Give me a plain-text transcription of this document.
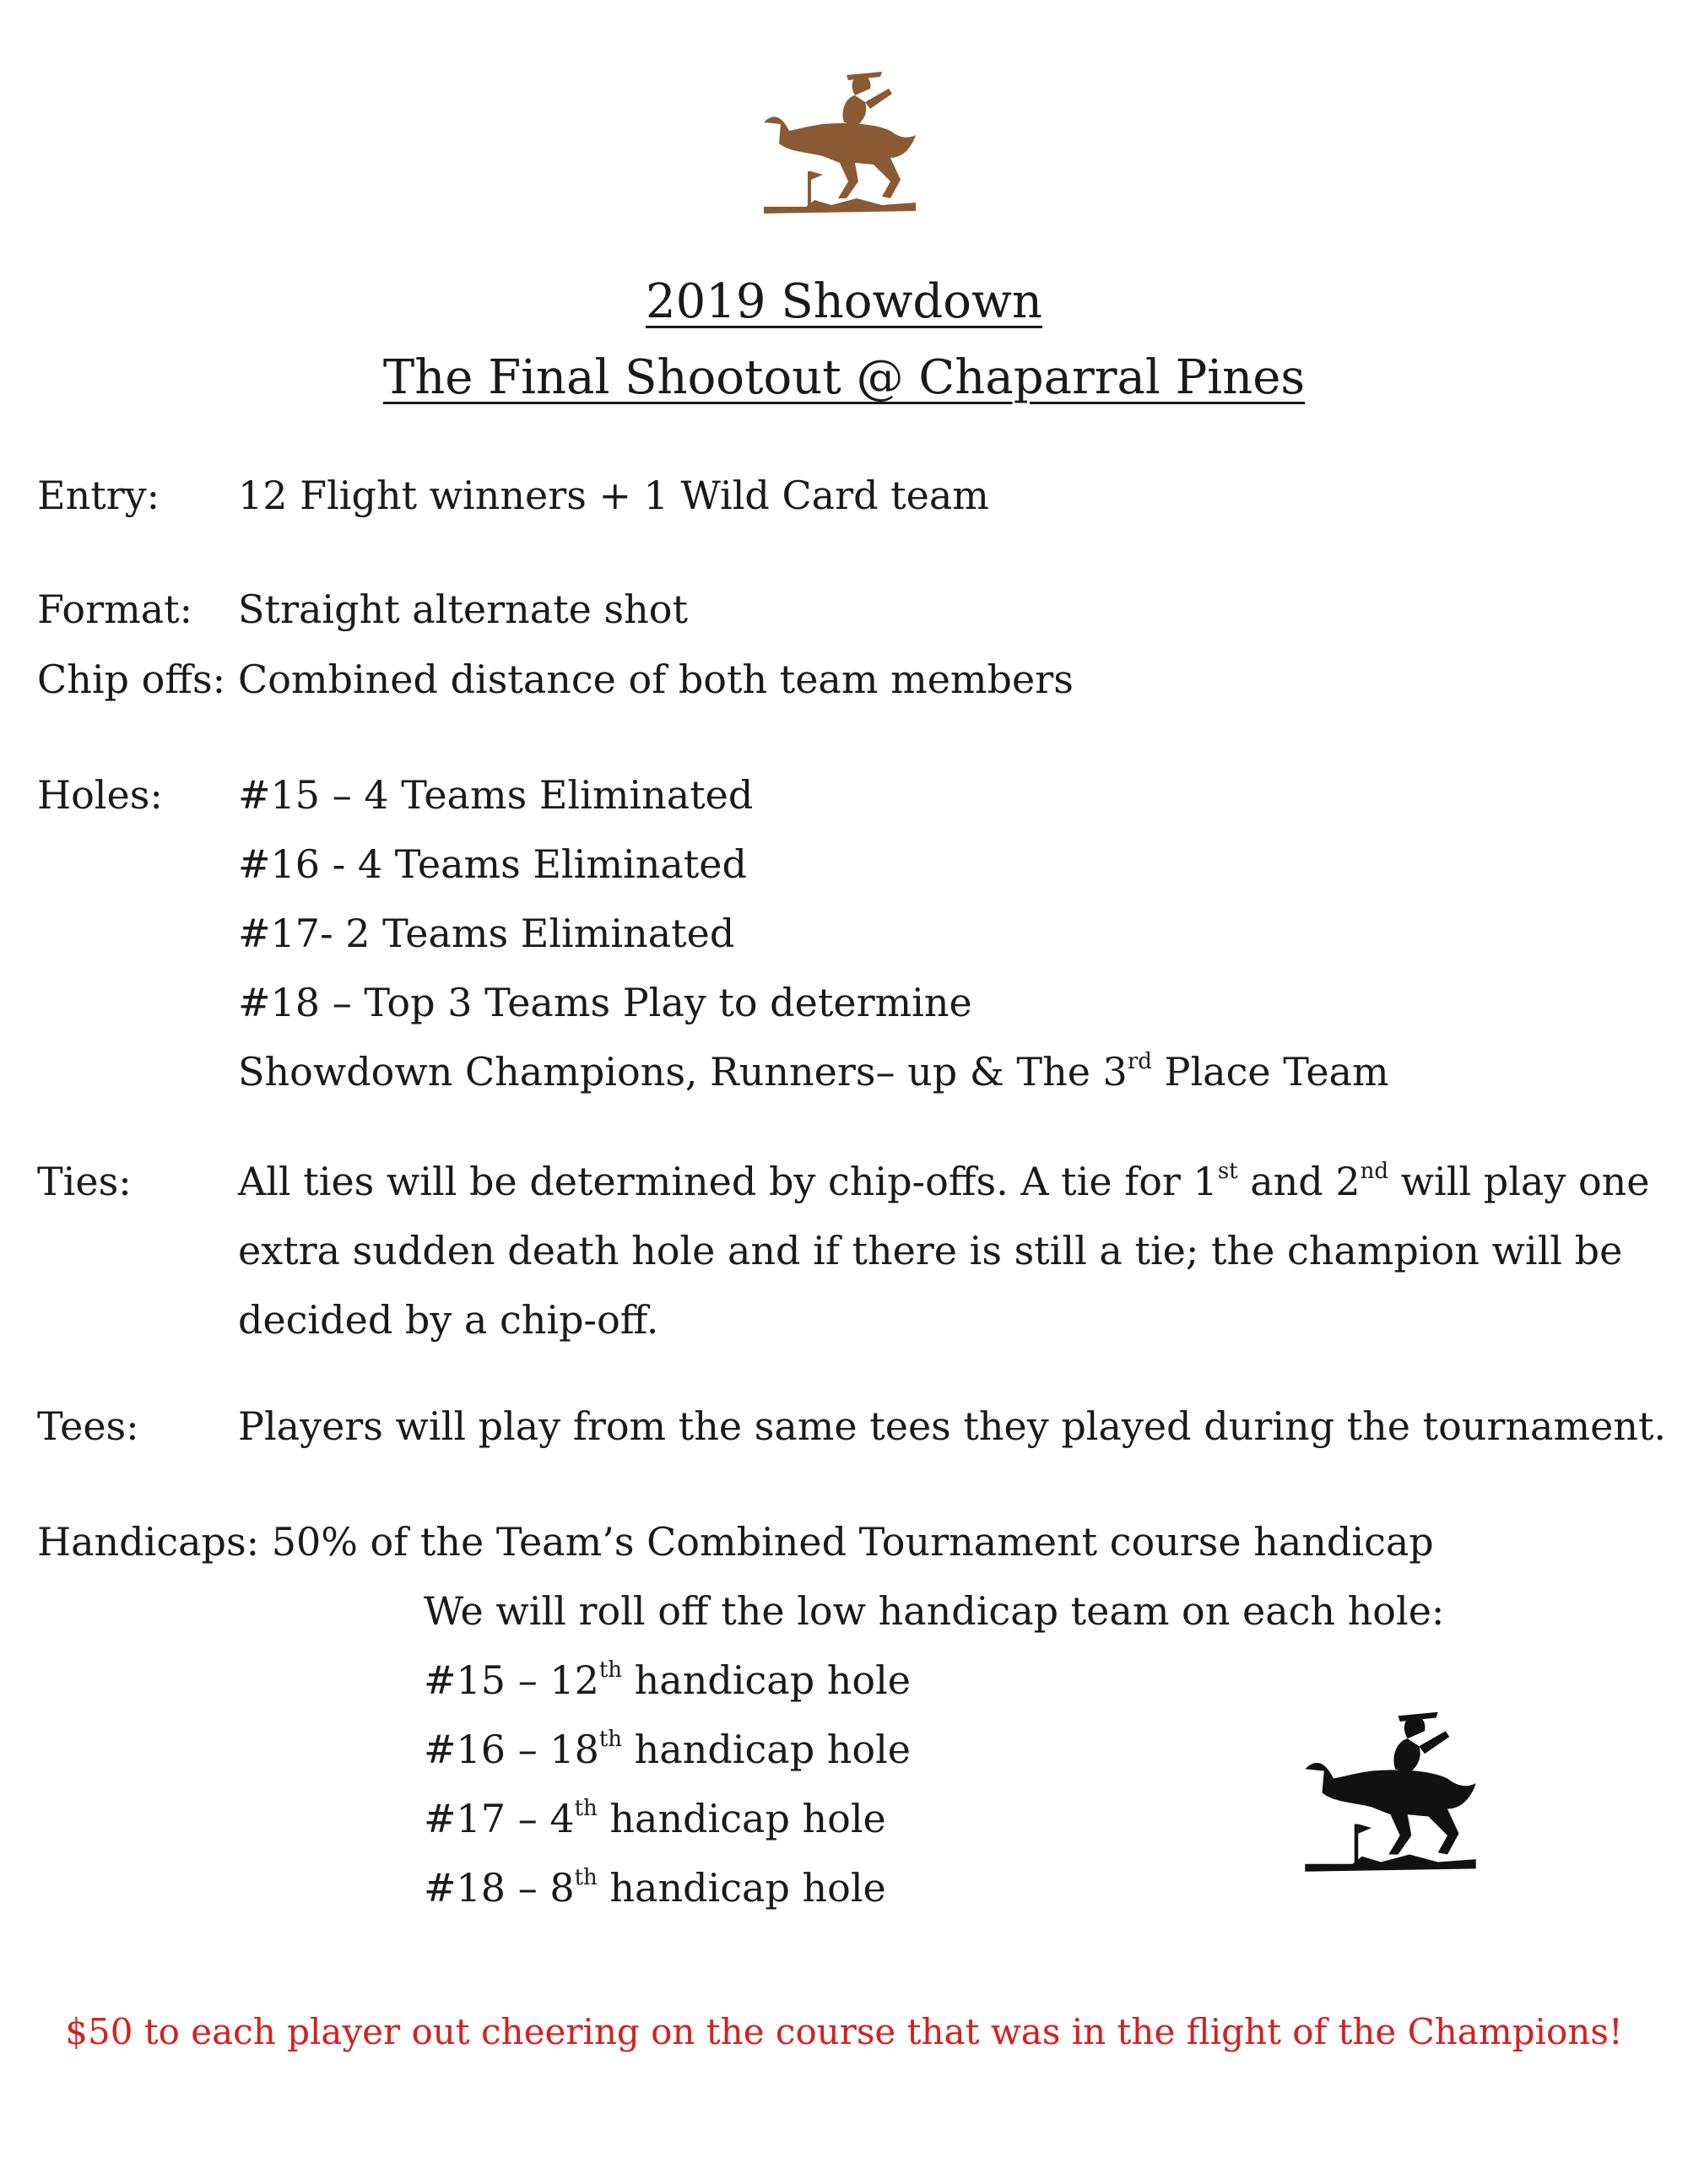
2019 Showdown
The Final Shootout @ Chaparral Pines
Entry: 12 Flight winners + 1 Wild Card team
Format: Straight alternate shot
Chip offs: Combined distance of both team members
Holes: #15 – 4 Teams Eliminated
#16 - 4 Teams Eliminated
#17- 2 Teams Eliminated
#18 – Top 3 Teams Play to determine
Showdown Champions, Runners– up & The 3rd Place Team
Ties:	All ties will be determined by chip-offs. A tie for 1st and 2nd will play one
extra sudden death hole and if there is still a tie; the champion will be
decided by a chip-off.
Tees:	Players will play from the same tees they played during the tournament.
Handicaps: 50% of the Team’s Combined Tournament course handicap
We will roll off the low handicap team on each hole:
#15 – 12th handicap hole
#16 – 18th handicap hole
#17 – 4th handicap hole
#18 – 8th handicap hole
$50 to each player out cheering on the course that was in the flight of the Champions!
